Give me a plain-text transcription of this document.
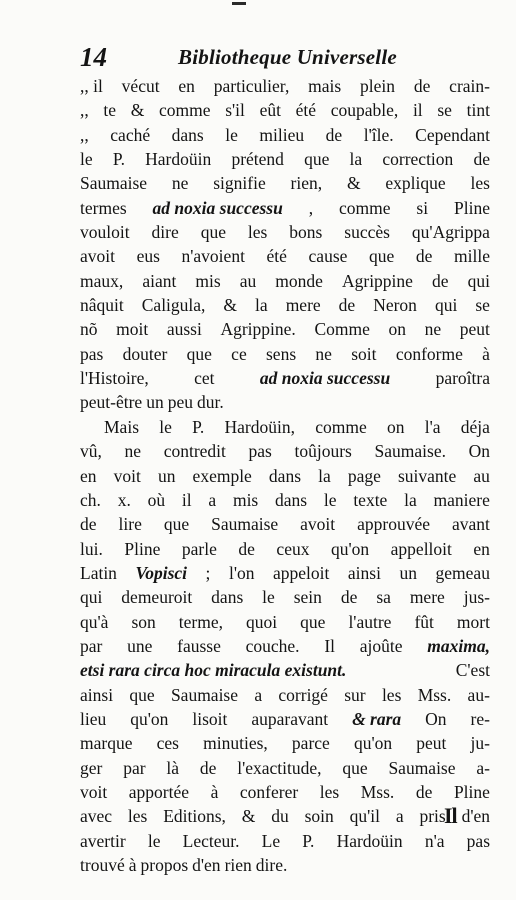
14	Bibliotheque Universelle
,, il vécut en particulier, mais plein de crain-
,, te & comme s'il eût été coupable, il se tint
,, caché dans le milieu de l'île. Cependant
le P. Hardoüin prétend que la correction de
Saumaise ne signifie rien, & explique les
termes ad noxia successu , comme si Pline
vouloit dire que les bons succès qu'Agrippa
avoit eus n'avoient été cause que de mille
maux, aiant mis au monde Agrippine de qui
nâquit Caligula, & la mere de Neron qui se
nõ moit aussi Agrippine. Comme on ne peut
pas douter que ce sens ne soit conforme à
l'Histoire,	cet	ad noxia successu	paroîtra
peut-être un peu dur.
Mais le P. Hardoüin, comme on l'a déja
vû, ne contredit pas toûjours Saumaise. On
en voit un exemple dans la page suivante au
ch. x. où il a mis dans le texte la maniere
de lire que Saumaise avoit approuvée avant
lui. Pline parle de ceux qu'on appelloit en
Latin Vopisci ; l'on appeloit ainsi un gemeau
qui demeuroit dans le sein de sa mere jus-
qu'à son terme, quoi que l'autre fût mort
par une fausse couche. Il ajoûte maxima,
etsi rara circa hoc miracula existunt.	C'est
ainsi que Saumaise a corrigé sur les Mss. au-
lieu qu'on lisoit auparavant & rara On re-
marque ces minuties, parce qu'on peut ju-
ger par là de l'exactitude, que Saumaise a-
voit apportée à conferer les Mss. de Pline
avec les Editions, & du soin qu'il a pris d'en
avertir le Lecteur. Le P. Hardoüin n'a pas
trouvé à propos d'en rien dire.
Il
